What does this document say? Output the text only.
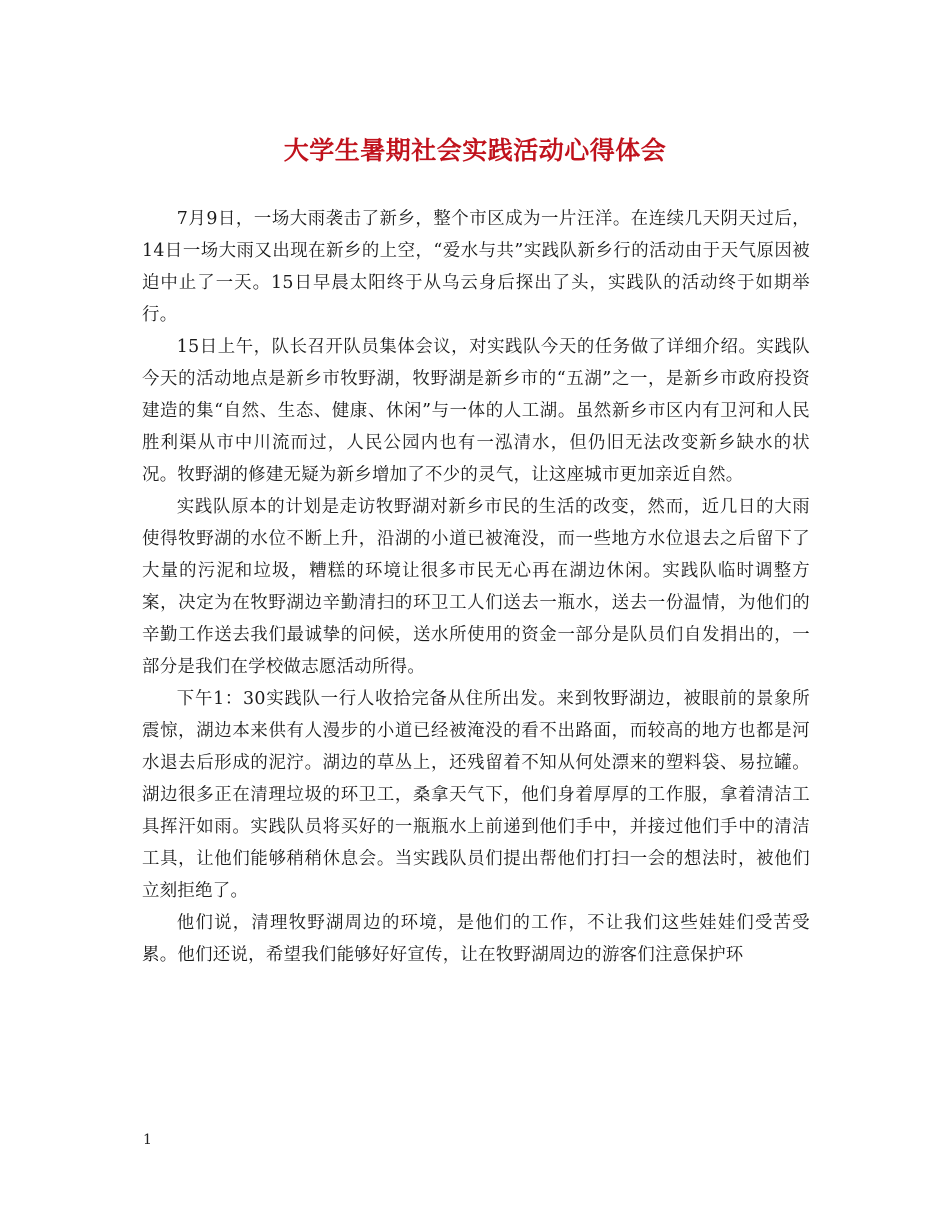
大学生暑期社会实践活动心得体会

7月9日，一场大雨袭击了新乡，整个市区成为一片汪洋。在连续几天阴天过后，14日一场大雨又出现在新乡的上空，“爱水与共”实践队新乡行的活动由于天气原因被迫中止了一天。15日早晨太阳终于从乌云身后探出了头，实践队的活动终于如期举行。

15日上午，队长召开队员集体会议，对实践队今天的任务做了详细介绍。实践队今天的活动地点是新乡市牧野湖，牧野湖是新乡市的“五湖”之一，是新乡市政府投资建造的集“自然、生态、健康、休闲”与一体的人工湖。虽然新乡市区内有卫河和人民胜利渠从市中川流而过，人民公园内也有一泓清水，但仍旧无法改变新乡缺水的状况。牧野湖的修建无疑为新乡增加了不少的灵气，让这座城市更加亲近自然。

实践队原本的计划是走访牧野湖对新乡市民的生活的改变，然而，近几日的大雨使得牧野湖的水位不断上升，沿湖的小道已被淹没，而一些地方水位退去之后留下了大量的污泥和垃圾，糟糕的环境让很多市民无心再在湖边休闲。实践队临时调整方案，决定为在牧野湖边辛勤清扫的环卫工人们送去一瓶水，送去一份温情，为他们的辛勤工作送去我们最诚挚的问候，送水所使用的资金一部分是队员们自发捐出的，一部分是我们在学校做志愿活动所得。

下午1：30实践队一行人收拾完备从住所出发。来到牧野湖边，被眼前的景象所震惊，湖边本来供有人漫步的小道已经被淹没的看不出路面，而较高的地方也都是河水退去后形成的泥泞。湖边的草丛上，还残留着不知从何处漂来的塑料袋、易拉罐。湖边很多正在清理垃圾的环卫工，桑拿天气下，他们身着厚厚的工作服，拿着清洁工具挥汗如雨。实践队员将买好的一瓶瓶水上前递到他们手中，并接过他们手中的清洁工具，让他们能够稍稍休息会。当实践队员们提出帮他们打扫一会的想法时，被他们立刻拒绝了。

他们说，清理牧野湖周边的环境，是他们的工作，不让我们这些娃娃们受苦受累。他们还说，希望我们能够好好宣传，让在牧野湖周边的游客们注意保护环

1
